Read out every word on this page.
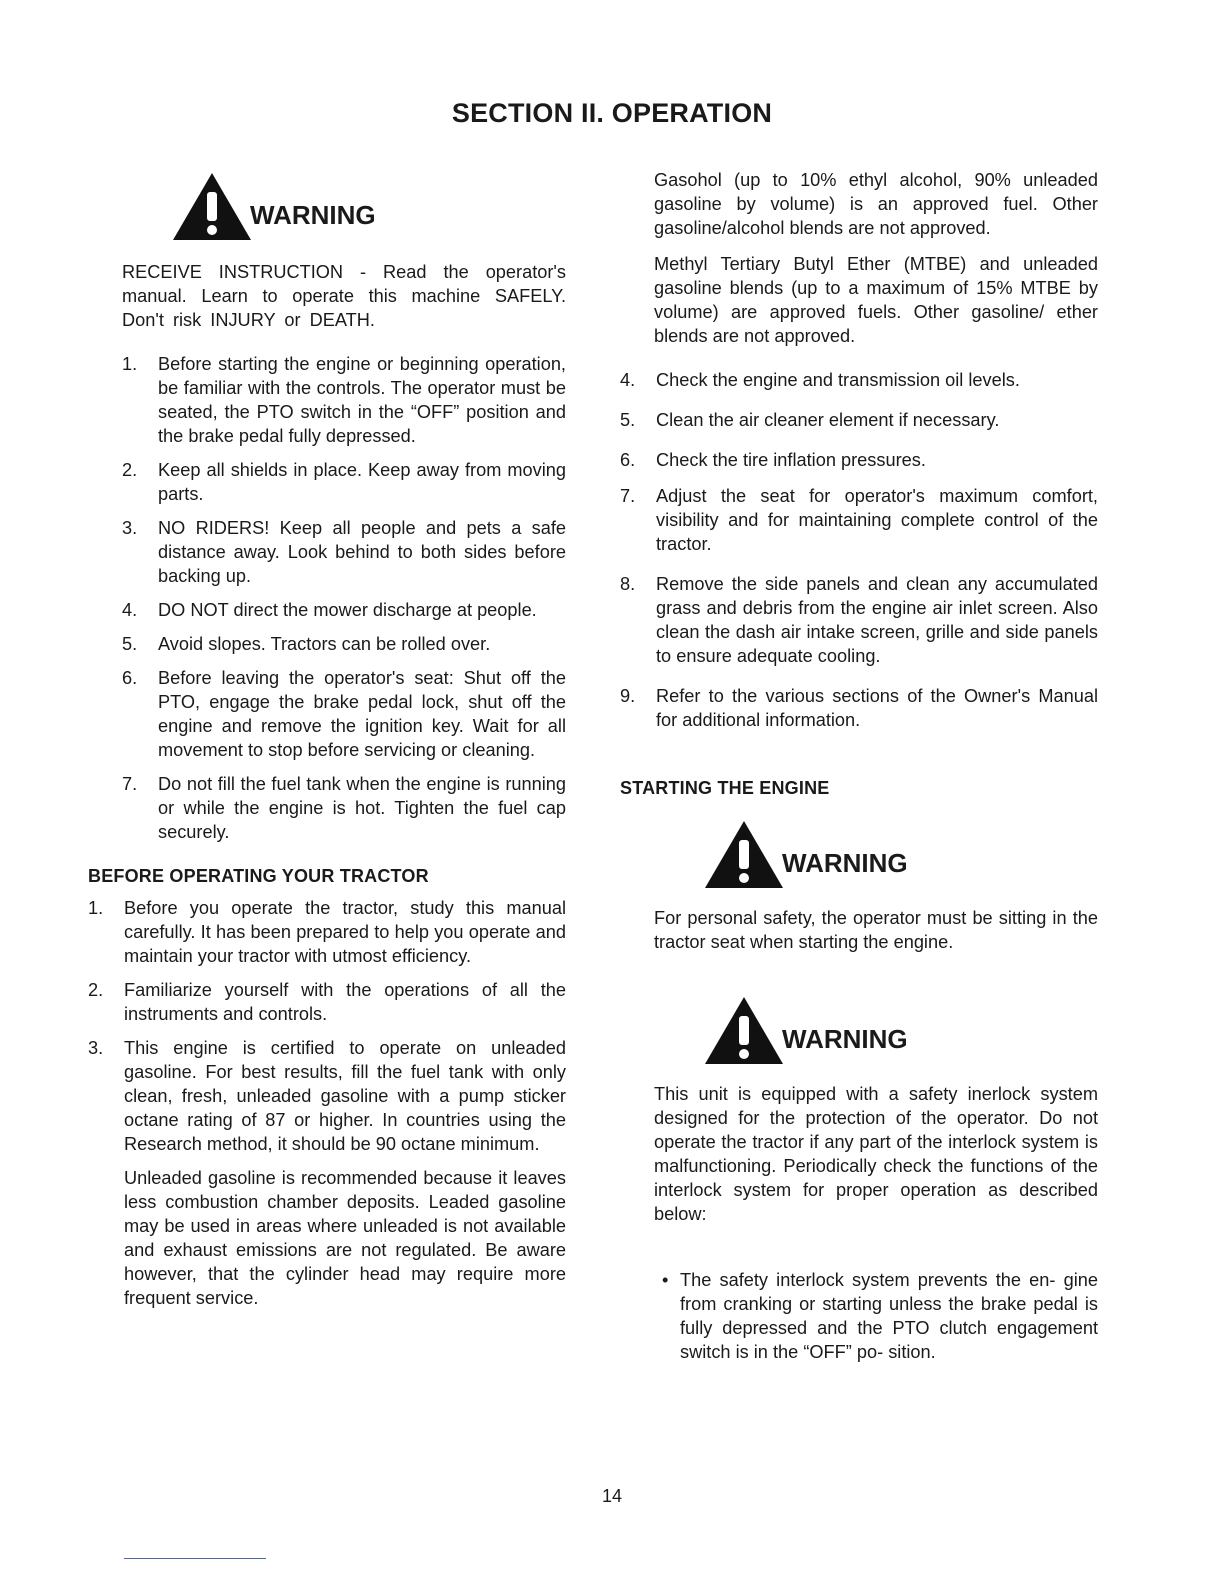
SECTION II. OPERATION
WARNING

RECEIVE INSTRUCTION - Read the operator's manual. Learn to operate this machine SAFELY. Don't risk INJURY or DEATH.

1.	Before starting the engine or beginning operation, be familiar with the controls. The operator must be seated, the PTO switch in the “OFF” position and the brake pedal fully depressed.
2.	Keep all shields in place. Keep away from moving parts.
3.	NO RIDERS! Keep all people and pets a safe distance away. Look behind to both sides before backing up.
4.	DO NOT direct the mower discharge at people.
5.	Avoid slopes. Tractors can be rolled over.
6.	Before leaving the operator's seat: Shut off the PTO, engage the brake pedal lock, shut off the engine and remove the ignition key. Wait for all movement to stop before servicing or cleaning.
7.	Do not fill the fuel tank when the engine is running or while the engine is hot. Tighten the fuel cap securely.
BEFORE OPERATING YOUR TRACTOR
1.	Before you operate the tractor, study this manual carefully. It has been prepared to help you operate and maintain your tractor with utmost efficiency.
2.	Familiarize yourself with the operations of all the instruments and controls.
3.	This engine is certified to operate on unleaded gasoline. For best results, fill the fuel tank with only clean, fresh, unleaded gasoline with a pump sticker octane rating of 87 or higher. In countries using the Research method, it should be 90 octane minimum.

Unleaded gasoline is recommended because it leaves less combustion chamber deposits. Leaded gasoline may be used in areas where unleaded is not available and exhaust emissions are not regulated. Be aware however, that the cylinder head may require more frequent service.

Gasohol (up to 10% ethyl alcohol, 90% unleaded gasoline by volume) is an approved fuel. Other gasoline/alcohol blends are not approved.

Methyl Tertiary Butyl Ether (MTBE) and unleaded gasoline blends (up to a maximum of 15% MTBE by volume) are approved fuels. Other gasoline/ ether blends are not approved.

4.	Check the engine and transmission oil levels.
5.	Clean the air cleaner element if necessary.
6.	Check the tire inflation pressures.
7.	Adjust the seat for operator's maximum comfort, visibility and for maintaining complete control of the tractor.
8.	Remove the side panels and clean any accumulated grass and debris from the engine air inlet screen. Also clean the dash air intake screen, grille and side panels to ensure adequate cooling.
9.	Refer to the various sections of the Owner's Manual for additional information.
STARTING THE ENGINE
WARNING

For personal safety, the operator must be sitting in the tractor seat when starting the engine.

WARNING

This unit is equipped with a safety inerlock system designed for the protection of the operator. Do not operate the tractor if any part of the interlock system is malfunctioning. Periodically check the functions of the interlock system for proper operation as described below:

• The safety interlock system prevents the en- gine from cranking or starting unless the brake pedal is fully depressed and the PTO clutch engagement switch is in the “OFF” po- sition.
14
